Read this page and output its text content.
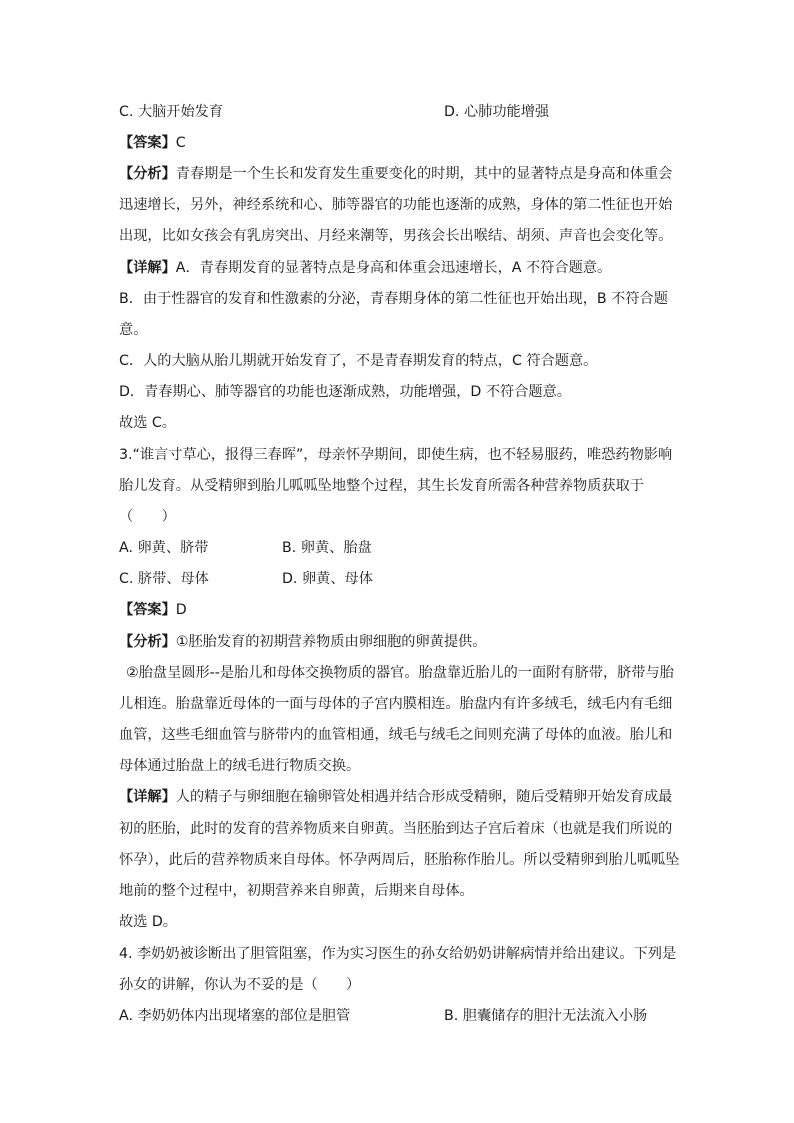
C. 大脑开始发育	D. 心肺功能增强
【答案】C
【分析】青春期是一个生长和发育发生重要变化的时期，其中的显著特点是身高和体重会
迅速增长，另外，神经系统和心、肺等器官的功能也逐渐的成熟，身体的第二性征也开始
出现，比如女孩会有乳房突出、月经来潮等，男孩会长出喉结、胡须、声音也会变化等。
【详解】A．青春期发育的显著特点是身高和体重会迅速增长，A 不符合题意。
B．由于性器官的发育和性激素的分泌，青春期身体的第二性征也开始出现，B 不符合题
意。
C．人的大脑从胎儿期就开始发育了，不是青春期发育的特点，C 符合题意。
D．青春期心、肺等器官的功能也逐渐成熟，功能增强，D 不符合题意。
故选 C。
3.“谁言寸草心，报得三春晖”，母亲怀孕期间，即使生病，也不轻易服药，唯恐药物影响
胎儿发育。从受精卵到胎儿呱呱坠地整个过程，其生长发育所需各种营养物质获取于
（　　）
A. 卵黄、脐带	B. 卵黄、胎盘
C. 脐带、母体	D. 卵黄、母体
【答案】D
【分析】①胚胎发育的初期营养物质由卵细胞的卵黄提供。
②胎盘呈圆形--是胎儿和母体交换物质的器官。胎盘靠近胎儿的一面附有脐带，脐带与胎
儿相连。胎盘靠近母体的一面与母体的子宫内膜相连。胎盘内有许多绒毛，绒毛内有毛细
血管，这些毛细血管与脐带内的血管相通，绒毛与绒毛之间则充满了母体的血液。胎儿和
母体通过胎盘上的绒毛进行物质交换。
【详解】人的精子与卵细胞在输卵管处相遇并结合形成受精卵，随后受精卵开始发育成最
初的胚胎，此时的发育的营养物质来自卵黄。当胚胎到达子宫后着床（也就是我们所说的
怀孕），此后的营养物质来自母体。怀孕两周后，胚胎称作胎儿。所以受精卵到胎儿呱呱坠
地前的整个过程中，初期营养来自卵黄，后期来自母体。
故选 D。
4. 李奶奶被诊断出了胆管阻塞，作为实习医生的孙女给奶奶讲解病情并给出建议。下列是
孙女的讲解，你认为不妥的是（　　）
A. 李奶奶体内出现堵塞的部位是胆管	B. 胆囊储存的胆汁无法流入小肠
